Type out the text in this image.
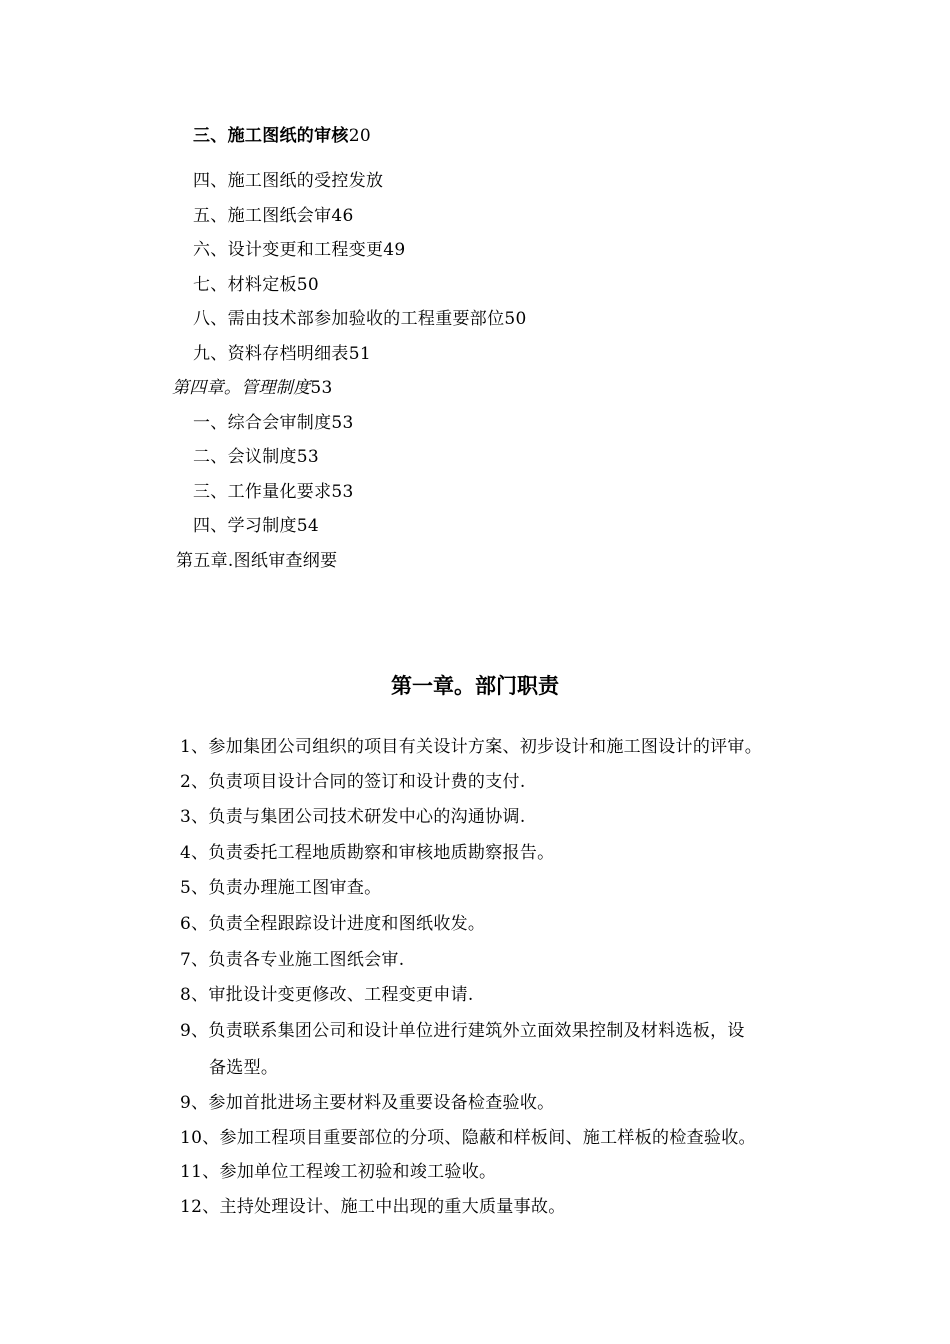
三、施工图纸的审核20
四、施工图纸的受控发放
五、施工图纸会审46
六、设计变更和工程变更49
七、材料定板50
八、需由技术部参加验收的工程重要部位50
九、资料存档明细表51
第四章。管理制度53
一、综合会审制度53
二、会议制度53
三、工作量化要求53
四、学习制度54
第五章.图纸审查纲要
第一章。部门职责
1、参加集团公司组织的项目有关设计方案、初步设计和施工图设计的评审。
2、负责项目设计合同的签订和设计费的支付.
3、负责与集团公司技术研发中心的沟通协调.
4、负责委托工程地质勘察和审核地质勘察报告。
5、负责办理施工图审查。
6、负责全程跟踪设计进度和图纸收发。
7、负责各专业施工图纸会审.
8、审批设计变更修改、工程变更申请.
9、负责联系集团公司和设计单位进行建筑外立面效果控制及材料选板，设
备选型。
9、参加首批进场主要材料及重要设备检查验收。
10、参加工程项目重要部位的分项、隐蔽和样板间、施工样板的检查验收。
11、参加单位工程竣工初验和竣工验收。
12、主持处理设计、施工中出现的重大质量事故。
